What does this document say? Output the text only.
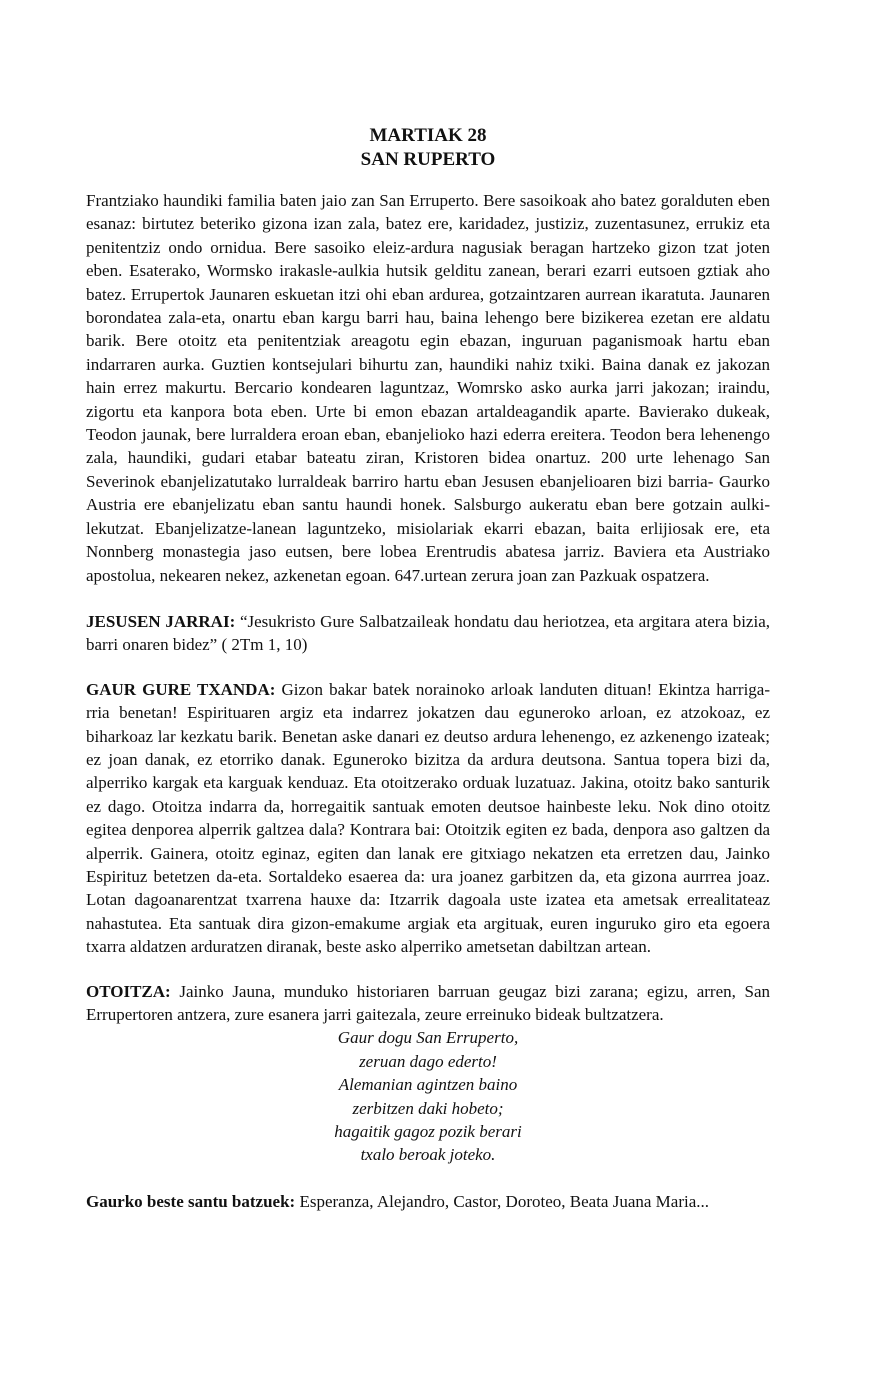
MARTIAK 28
SAN RUPERTO

Frantziako haundiki familia baten jaio zan San Erruperto. Bere sasoikoak aho batez goralduten eben esanaz: birtutez beteriko gizona izan zala, batez ere, karidadez, justiziz, zuzentasunez, errukiz eta penitentziz ondo ornidua. Bere sasoiko eleiz-ardura nagusiak beragan hartzeko gizon tzat joten eben. Esaterako, Wormsko irakasle-aulkia hutsik gelditu zanean, berari ezarri eutsoen gztiak aho batez. Errupertok Jaunaren eskuetan itzi ohi eban ardurea, gotzaintzaren aurrean ikaratuta. Jaunaren borondatea zala-eta, onartu eban kargu barri hau, baina lehengo bere bizikerea ezetan ere aldatu barik. Bere otoitz eta penitentziak areagotu egin ebazan, inguruan paganismoak hartu eban indarraren aurka. Guztien kontsejulari bihurtu zan, haundiki nahiz txiki. Baina danak ez jakozan hain errez makurtu. Bercario kondearen laguntzaz, Womrsko asko aurka jarri jakozan; iraindu, zigortu eta kanpora bota eben. Urte bi emon ebazan artaldeagandik aparte. Bavierako dukeak, Teodon jaunak, bere lurraldera eroan eban, ebanjelioko hazi ederra ereitera. Teodon bera lehenengo zala, haundiki, gudari etabar bateatu ziran, Kristoren bidea onartuz. 200 urte lehenago San Severinok ebanjelizatutako lurraldeak barriro hartu eban Jesusen ebanjelioaren bizi barria- Gaurko Austria ere ebanjelizatu eban santu haundi honek. Salsburgo aukeratu eban bere gotzain aulki-lekutzat. Ebanjelizatze-lanean laguntzeko, misiolariak ekarri ebazan, baita erlijiosak ere, eta Nonnberg monastegia jaso eutsen, bere lobea Erentrudis abatesa jarriz. Baviera eta Austriako apostolua, nekearen nekez, azkenetan egoan. 647.urtean zerura joan zan Pazkuak ospatzera.

JESUSEN JARRAI: “Jesukristo Gure Salbatzaileak hondatu dau heriotzea, eta argitara atera bizia, barri onaren bidez” ( 2Tm 1, 10)

GAUR GURE TXANDA: Gizon bakar batek norainoko arloak landuten dituan! Ekintza harriga- rria benetan! Espirituaren argiz eta indarrez jokatzen dau eguneroko arloan, ez atzokoaz, ez biharkoaz lar kezkatu barik. Benetan aske danari ez deutso ardura lehenengo, ez azkenengo izateak; ez joan danak, ez etorriko danak. Eguneroko bizitza da ardura deutsona. Santua topera bizi da, alperriko kargak eta karguak kenduaz. Eta otoitzerako orduak luzatuaz. Jakina, otoitz bako santurik ez dago. Otoitza indarra da, horregaitik santuak emoten deutsoe hainbeste leku. Nok dino otoitz egitea denporea alperrik galtzea dala? Kontrara bai: Otoitzik egiten ez bada, denpora aso galtzen da alperrik. Gainera, otoitz eginaz, egiten dan lanak ere gitxiago nekatzen eta erretzen dau, Jainko Espirituz betetzen da-eta. Sortaldeko esaerea da: ura joanez garbitzen da, eta gizona aurrrea joaz. Lotan dagoanarentzat txarrena hauxe da: Itzarrik dagoala uste izatea eta ametsak errealitateaz nahastutea. Eta santuak dira gizon-emakume argiak eta argituak, euren inguruko giro eta egoera txarra aldatzen arduratzen diranak, beste asko alperriko ametsetan dabiltzan artean.

OTOITZA: Jainko Jauna, munduko historiaren barruan geugaz bizi zarana; egizu, arren, San Errupertoren antzera, zure esanera jarri gaitezala, zeure erreinuko bideak bultzatzera.

Gaur dogu San Erruperto,
zeruan dago ederto!
Alemanian agintzen baino
zerbitzen daki hobeto;
hagaitik gagoz pozik berari
txalo beroak joteko.

Gaurko beste santu batzuek: Esperanza, Alejandro, Castor, Doroteo, Beata Juana Maria...
